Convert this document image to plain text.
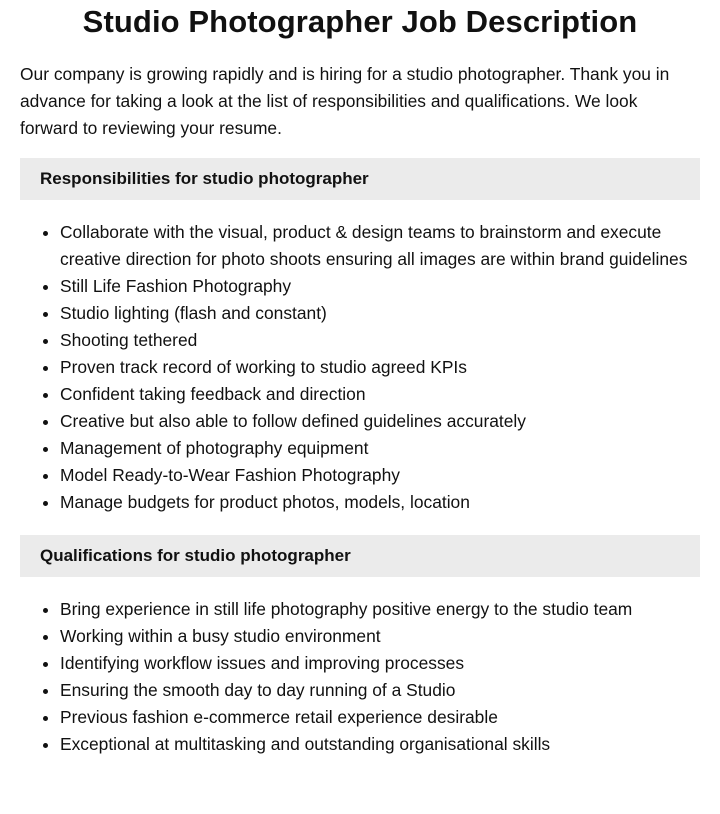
Studio Photographer Job Description

Our company is growing rapidly and is hiring for a studio photographer. Thank you in advance for taking a look at the list of responsibilities and qualifications. We look forward to reviewing your resume.

Responsibilities for studio photographer
• Collaborate with the visual, product & design teams to brainstorm and execute creative direction for photo shoots ensuring all images are within brand guidelines
• Still Life Fashion Photography
• Studio lighting (flash and constant)
• Shooting tethered
• Proven track record of working to studio agreed KPIs
• Confident taking feedback and direction
• Creative but also able to follow defined guidelines accurately
• Management of photography equipment
• Model Ready-to-Wear Fashion Photography
• Manage budgets for product photos, models, location
Qualifications for studio photographer
• Bring experience in still life photography positive energy to the studio team
• Working within a busy studio environment
• Identifying workflow issues and improving processes
• Ensuring the smooth day to day running of a Studio
• Previous fashion e-commerce retail experience desirable
• Exceptional at multitasking and outstanding organisational skills
